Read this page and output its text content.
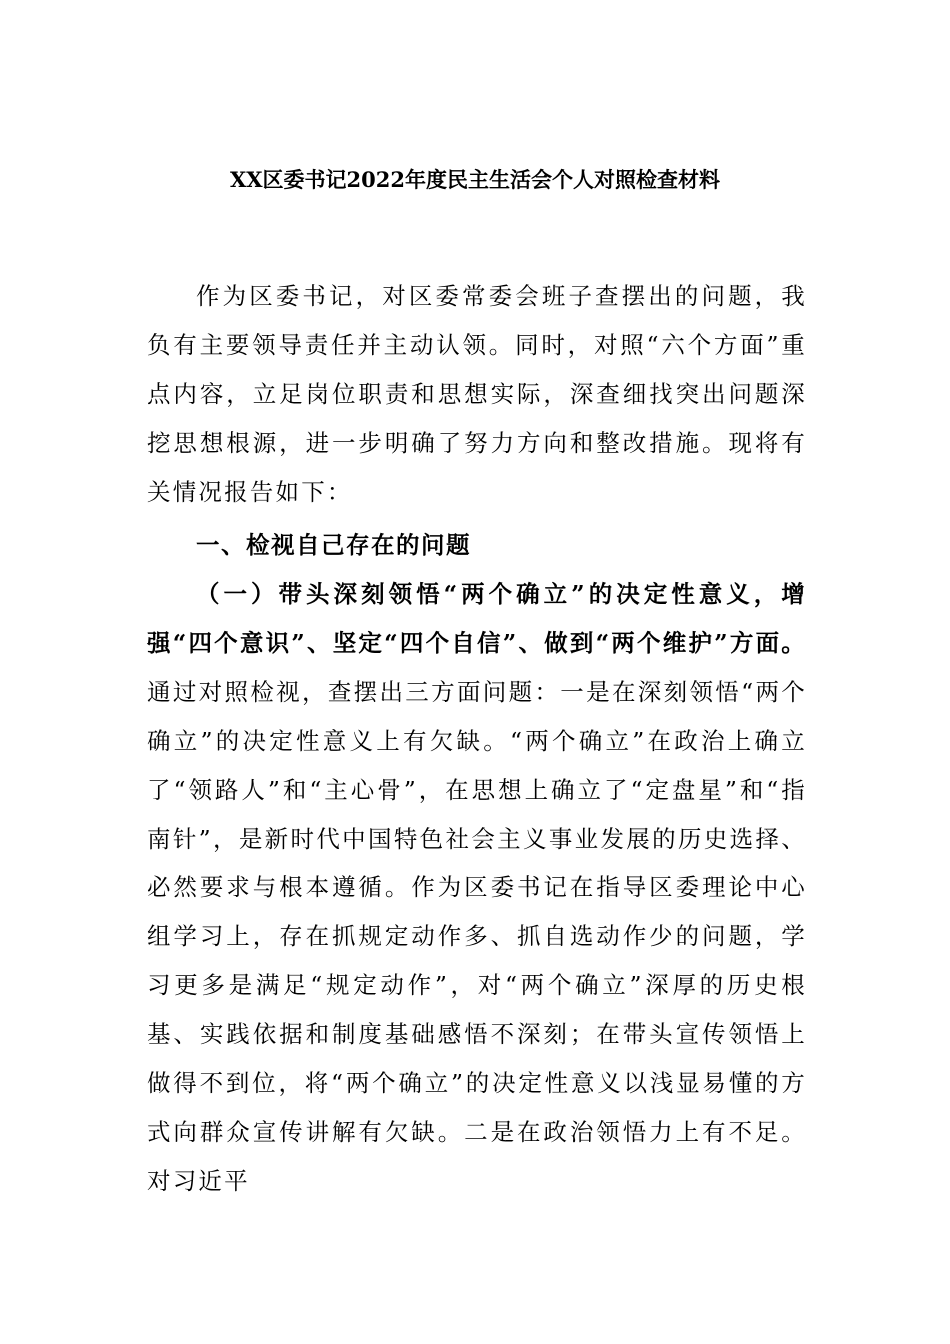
XX区委书记2022年度民主生活会个人对照检查材料
作为区委书记，对区委常委会班子查摆出的问题，我负有主要领导责任并主动认领。同时，对照“六个方面”重点内容，立足岗位职责和思想实际，深查细找突出问题深挖思想根源，进一步明确了努力方向和整改措施。现将有关情况报告如下：
一、检视自己存在的问题
（一）带头深刻领悟“两个确立”的决定性意义，增强“四个意识”、坚定“四个自信”、做到“两个维护”方面。通过对照检视，查摆出三方面问题：一是在深刻领悟“两个确立”的决定性意义上有欠缺。“两个确立”在政治上确立了“领路人”和“主心骨”，在思想上确立了“定盘星”和“指南针”，是新时代中国特色社会主义事业发展的历史选择、必然要求与根本遵循。作为区委书记在指导区委理论中心组学习上，存在抓规定动作多、抓自选动作少的问题，学习更多是满足“规定动作”，对“两个确立”深厚的历史根基、实践依据和制度基础感悟不深刻；在带头宣传领悟上做得不到位，将“两个确立”的决定性意义以浅显易懂的方式向群众宣传讲解有欠缺。二是在政治领悟力上有不足。对习近平
